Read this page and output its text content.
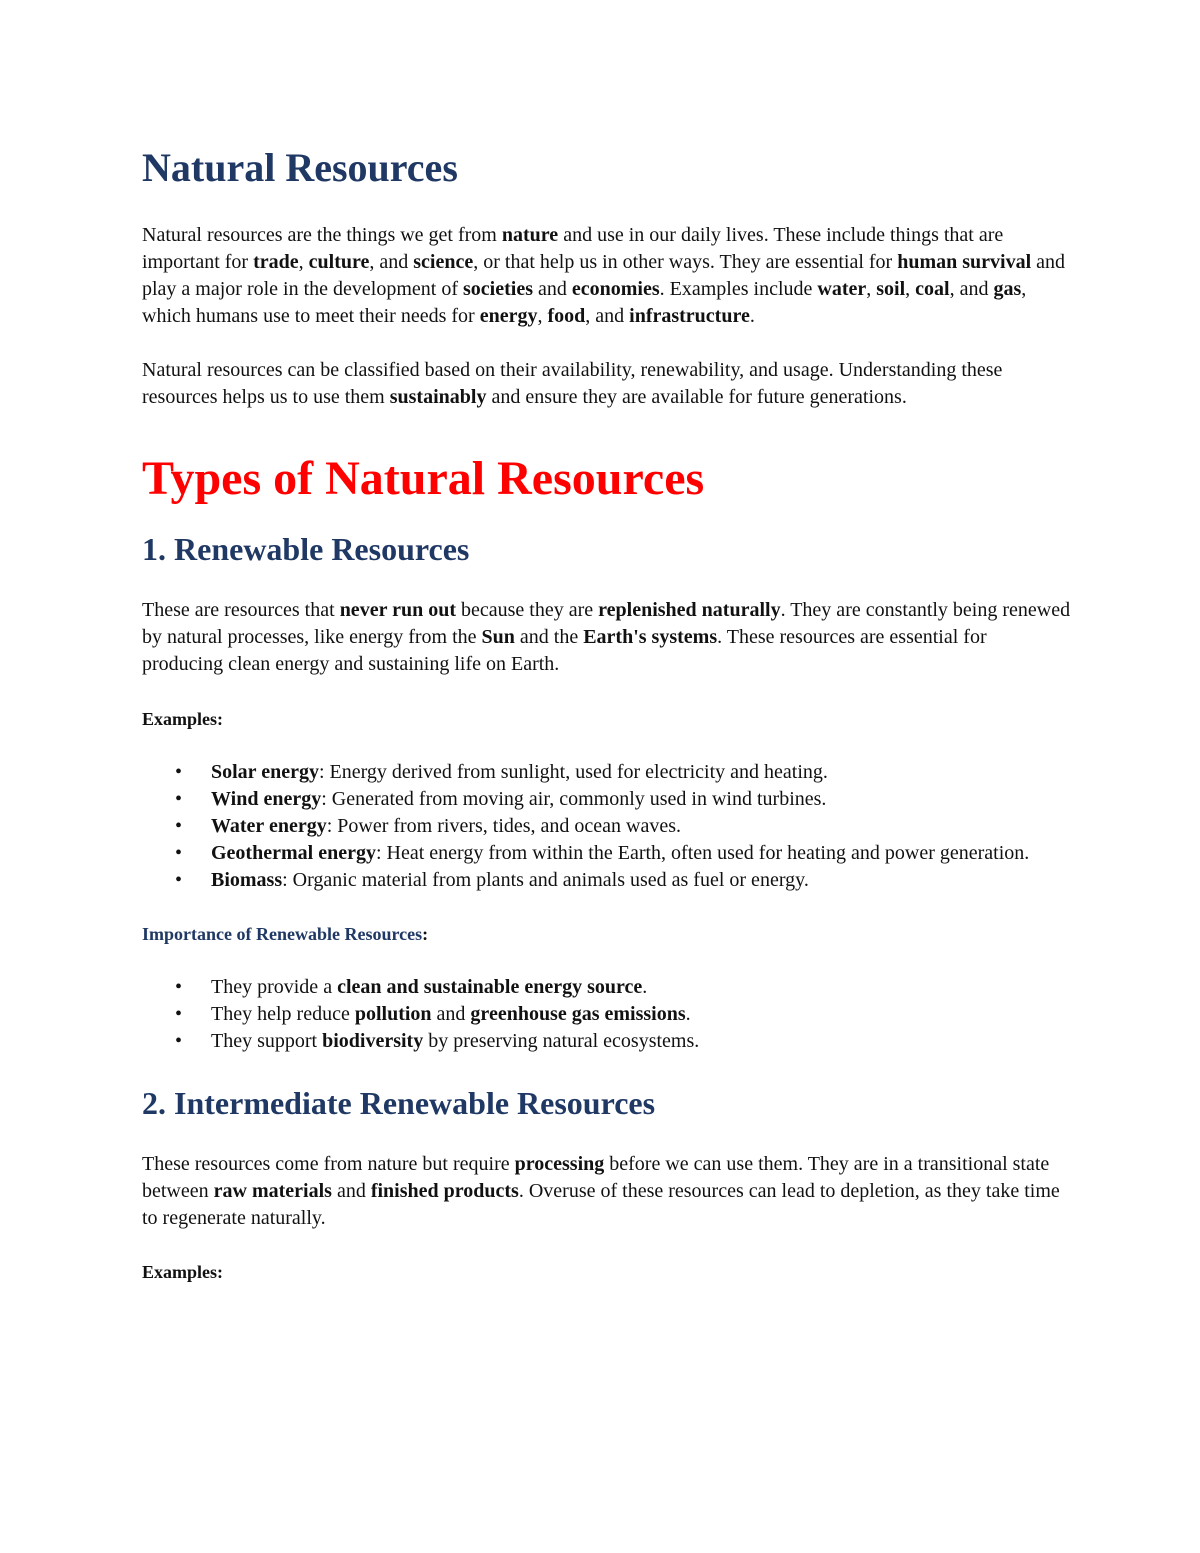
Natural Resources

Natural resources are the things we get from nature and use in our daily lives. These include things that are important for trade, culture, and science, or that help us in other ways. They are essential for human survival and play a major role in the development of societies and economies. Examples include water, soil, coal, and gas, which humans use to meet their needs for energy, food, and infrastructure.

Natural resources can be classified based on their availability, renewability, and usage. Understanding these resources helps us to use them sustainably and ensure they are available for future generations.

Types of Natural Resources
1. Renewable Resources

These are resources that never run out because they are replenished naturally. They are constantly being renewed by natural processes, like energy from the Sun and the Earth's systems. These resources are essential for producing clean energy and sustaining life on Earth.

Examples:

• Solar energy: Energy derived from sunlight, used for electricity and heating.
• Wind energy: Generated from moving air, commonly used in wind turbines.
• Water energy: Power from rivers, tides, and ocean waves.
• Geothermal energy: Heat energy from within the Earth, often used for heating and power generation.
• Biomass: Organic material from plants and animals used as fuel or energy.

Importance of Renewable Resources:

• They provide a clean and sustainable energy source.
• They help reduce pollution and greenhouse gas emissions.
• They support biodiversity by preserving natural ecosystems.
2. Intermediate Renewable Resources

These resources come from nature but require processing before we can use them. They are in a transitional state between raw materials and finished products. Overuse of these resources can lead to depletion, as they take time to regenerate naturally.

Examples:
